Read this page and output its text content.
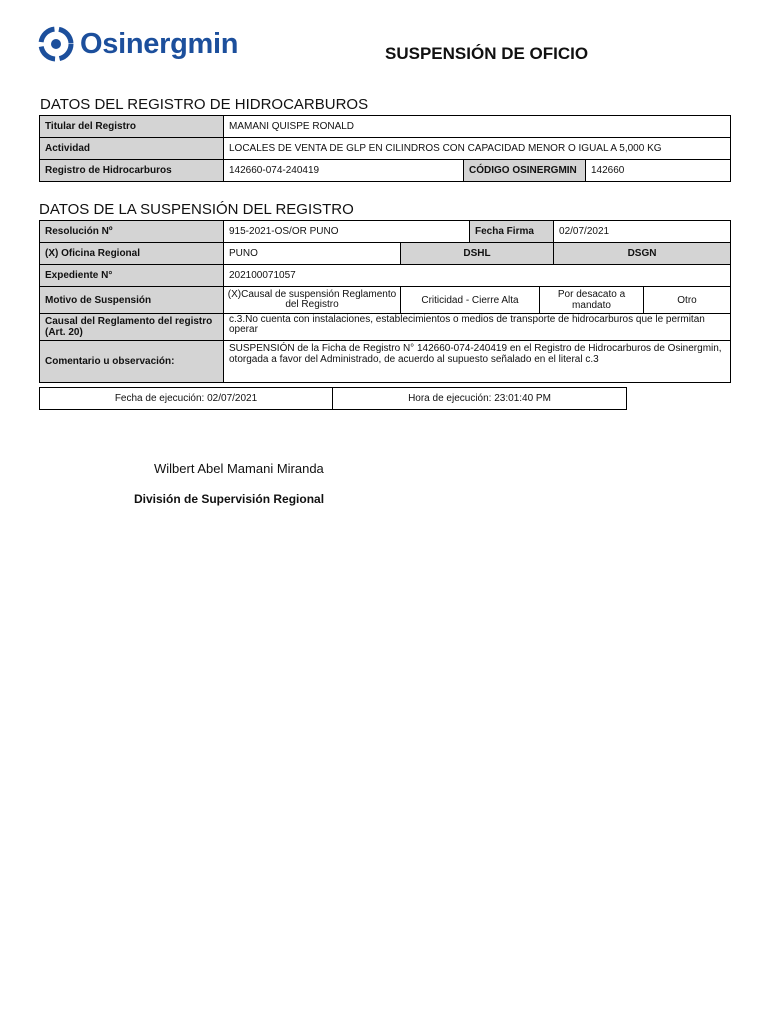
Osinergmin	SUSPENSIÓN DE OFICIO
DATOS DEL REGISTRO DE HIDROCARBUROS
Titular del Registro	MAMANI QUISPE RONALD		
Actividad	LOCALES DE VENTA DE GLP EN CILINDROS CON CAPACIDAD MENOR O IGUAL A 5,000 KG		
Registro de Hidrocarburos	142660-074-240419	CÓDIGO OSINERGMIN	142660
DATOS DE LA SUSPENSIÓN DEL REGISTRO
Resolución Nº	915-2021-OS/OR PUNO		Fecha Firma		02/07/2021	
(X) Oficina Regional	PUNO	DSHL			DSGN	
Expediente N°	202100071057					
Motivo de Suspensión	(X)Causal de suspensión Reglamento del Registro	Criticidad - Cierre Alta		Por desacato a mandato		Otro
Causal del Reglamento del registro (Art. 20)	c.3.No cuenta con instalaciones, establecimientos o medios de transporte de hidrocarburos que le permitan operar					
Comentario u observación:	SUSPENSIÓN de la Ficha de Registro N° 142660-074-240419 en el Registro de Hidrocarburos de Osinergmin, otorgada a favor del Administrado, de acuerdo al supuesto señalado en el literal c.3					
Fecha de ejecución: 02/07/2021	Hora de ejecución: 23:01:40 PM
Wilbert Abel Mamani Miranda
División de Supervisión Regional
